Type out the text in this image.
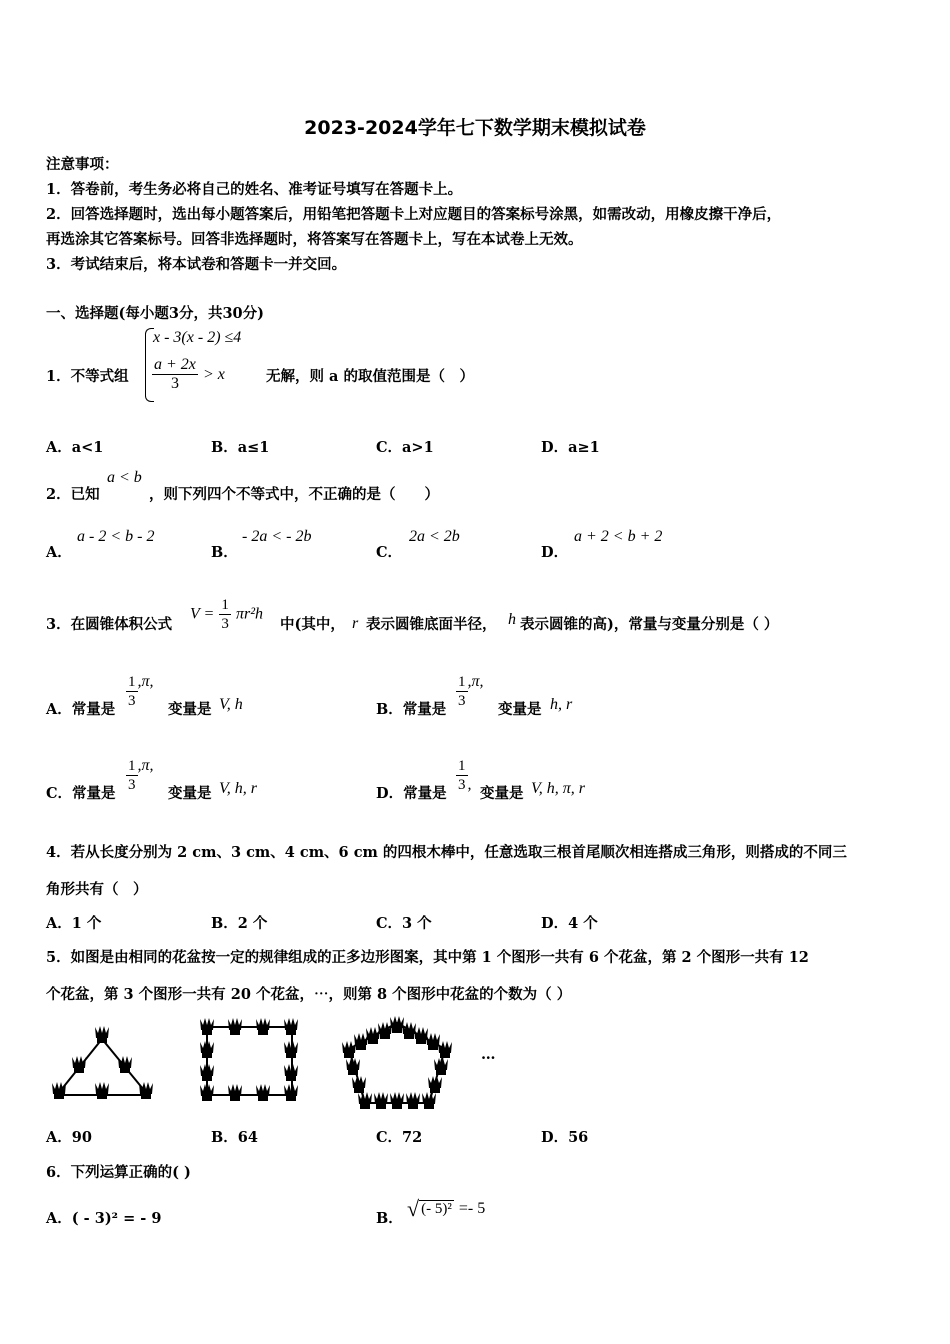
2023-2024学年七下数学期末模拟试卷
注意事项：
1．答卷前，考生务必将自己的姓名、准考证号填写在答题卡上。
2．回答选择题时，选出每小题答案后，用铅笔把答题卡上对应题目的答案标号涂黑，如需改动，用橡皮擦干净后，
再选涂其它答案标号。回答非选择题时，将答案写在答题卡上，写在本试卷上无效。
3．考试结束后，将本试卷和答题卡一并交回。
一、选择题(每小题3分，共30分)
1．不等式组
x - 3(x - 2) ≤4
$\frac{a + 2x}{3} > x$	无解，则 a 的取值范围是（　）
A．a<1	B．a≤1	C．a>1	D．a≥1
2．已知
a < b
，则下列四个不等式中，不正确的是（　　）
A．
a - 2 < b - 2
B．
- 2a < - 2b
C．
2a < 2b
D．
a + 2 < b + 2
3．在圆锥体积公式
$V = \frac{1}{3} \pi r^2h$
中(其中， r 表示圆锥底面半径， h 表示圆锥的高)，常量与变量分别是（ ）
A．常量是 $\frac{1}{3} ,\pi$,
变量是 V, h	B．常量是 $\frac{1}{3} ,\pi$,
变量是 h, r
C．常量是 $\frac{1}{3} ,\pi$,
变量是 V, h, r	D．常量是 $\frac{1}{3}$ ,
变量是 V, h, π, r
4．若从长度分别为 2 cm、3 cm、4 cm、6 cm 的四根木棒中，任意选取三根首尾顺次相连搭成三角形，则搭成的不同三
角形共有（　）
A．1 个	B．2 个	C．3 个	D．4 个
5．如图是由相同的花盆按一定的规律组成的正多边形图案，其中第 1 个图形一共有 6 个花盆，第 2 个图形一共有 12
个花盆，第 3 个图形一共有 20 个花盆，⋯，则第 8 个图形中花盆的个数为（ ）
…
A．90	B．64	C．72	D．56
6．下列运算正确的( )
A．( - 3)² = - 9	B． √ (- 5)² =- 5
